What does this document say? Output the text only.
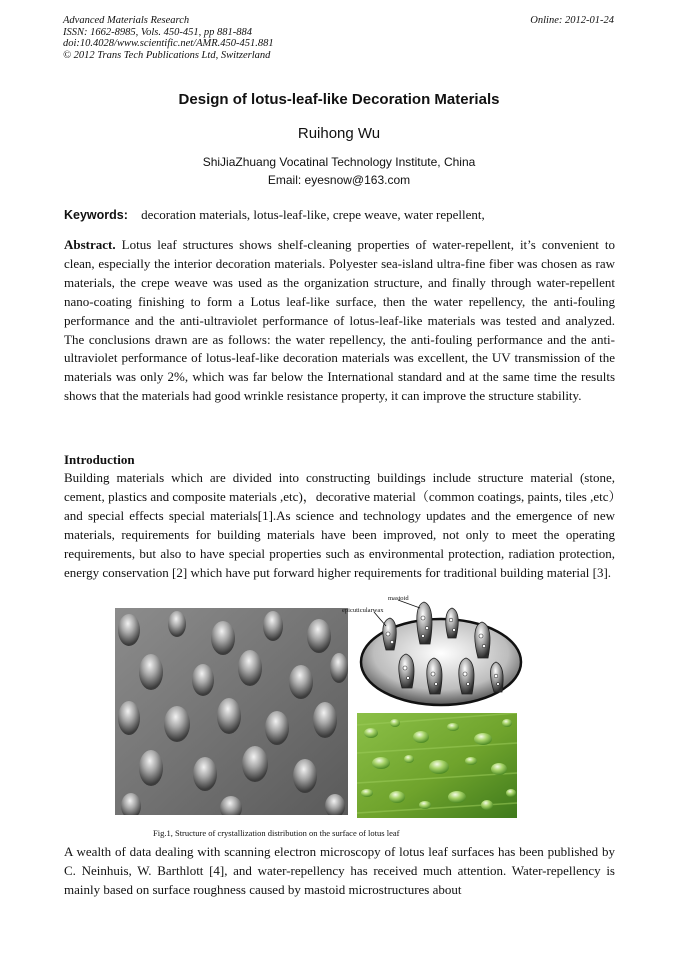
Advanced Materials Research
ISSN: 1662-8985, Vols. 450-451, pp 881-884
doi:10.4028/www.scientific.net/AMR.450-451.881
© 2012 Trans Tech Publications Ltd, Switzerland
Online: 2012-01-24
Design of lotus-leaf-like Decoration Materials
Ruihong Wu
ShiJiaZhuang Vocatinal Technology Institute, China
Email: eyesnow@163.com
Keywords: decoration materials, lotus-leaf-like, crepe weave, water repellent,

Abstract. Lotus leaf structures shows shelf-cleaning properties of water-repellent, it’s convenient to clean, especially the interior decoration materials. Polyester sea-island ultra-fine fiber was chosen as raw materials, the crepe weave was used as the organization structure, and finally through water-repellent nano-coating finishing to form a Lotus leaf-like surface, then the water repellency, the anti-fouling performance and the anti-ultraviolet performance of lotus-leaf-like materials was tested and analyzed. The conclusions drawn are as follows: the water repellency, the anti-fouling performance and the anti-ultraviolet performance of lotus-leaf-like decoration materials was excellent, the UV transmission of the materials was only 2%, which was far below the International standard and at the same time the results shows that the materials had good wrinkle resistance property, it can improve the structure stability.

Introduction

Building materials which are divided into constructing buildings include structure material (stone, cement, plastics and composite materials ,etc)，decorative material（common coatings, paints, tiles ,etc）and special effects special materials[1].As science and technology updates and the emergence of new materials, requirements for building materials have been improved, not only to meet the operating requirements, but also to have special properties such as environmental protection, radiation protection, energy conservation [2] which have put forward higher requirements for traditional building material [3].

epicuticularwax
mastoid
Fig.1, Structure of crystallization distribution on the surface of lotus leaf

A wealth of data dealing with scanning electron microscopy of lotus leaf surfaces has been published by C. Neinhuis, W. Barthlott [4], and water-repellency has received much attention. Water-repellency is mainly based on surface roughness caused by mastoid microstructures about
